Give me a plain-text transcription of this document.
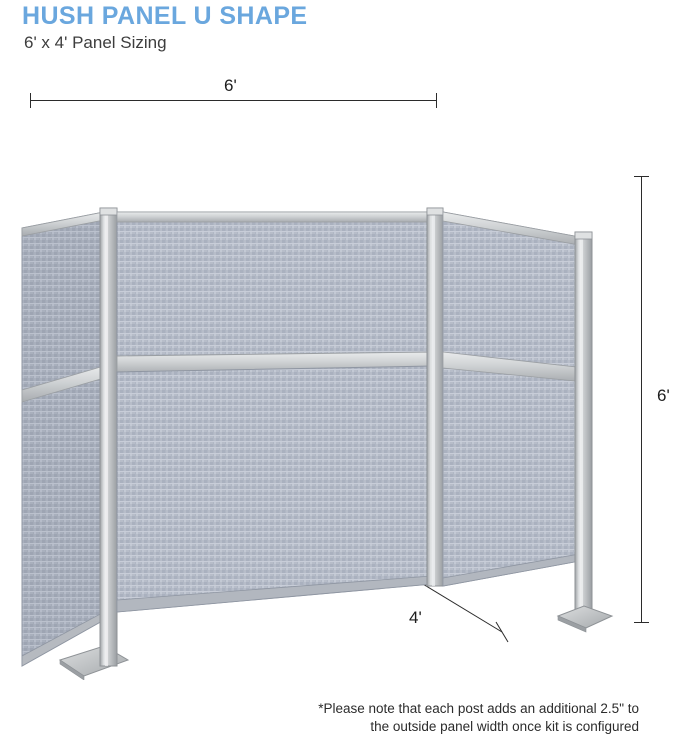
HUSH PANEL U SHAPE
6' x 4' Panel Sizing
6'
6'
4'
*Please note that each post adds an additional 2.5" to
the outside panel width once kit is configured
